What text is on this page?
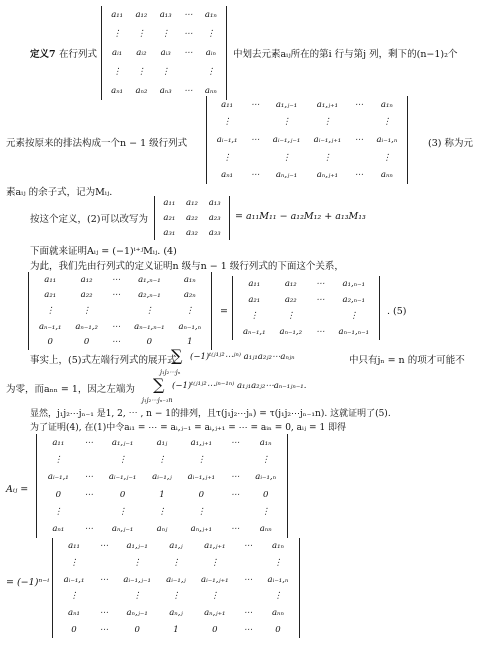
定义7 在行列式
a₁₁ a₁₂ a₁₃ ⋯ a₁ₙ
⋮ ⋮ ⋮ ⋯ ⋮
aᵢ₁ aᵢ₂ aᵢ₃ ⋯ aᵢₙ
⋮ ⋮ ⋮	⋮
aₙ₁ aₙ₂ aₙ₃ ⋯ aₙₙ
中划去元素aᵢⱼ所在的第i 行与第j 列，剩下的(n−1)₂个
元素按原来的排法构成一个n − 1 级行列式
a₁₁ ⋯ a₁,ⱼ₋₁ a₁,ⱼ₊₁ ⋯ a₁ₙ
⋮	⋮	⋮	⋮
aᵢ₋₁,₁ ⋯ aᵢ₋₁,ⱼ₋₁ aᵢ₋₁,ⱼ₊₁ ⋯ aᵢ₋₁,ₙ
⋮	⋮	⋮	⋮
aₙ₁ ⋯ aₙ,ⱼ₋₁ aₙ,ⱼ₊₁ ⋯ aₙₙ
(3) 称为元
素aᵢⱼ 的余子式，记为Mᵢⱼ.
按这个定义，(2)可以改写为
a₁₁ a₁₂ a₁₃
a₂₁ a₂₂ a₂₃
a₃₁ a₃₂ a₃₃
= a₁₁M₁₁ − a₁₂M₁₂ + a₁₃M₁₃
下面就来证明Aᵢⱼ = (−1)ⁱ⁺ʲMᵢⱼ. (4)
为此，我们先由行列式的定义证明n 级与n − 1 级行列式的下面这个关系，
a₁₁	a₁₂ ⋯ a₁,ₙ₋₁	a₁ₙ
a₂₁	a₂₂ ⋯ a₂,ₙ₋₁	a₂ₙ
⋮	⋮	⋮	⋮
aₙ₋₁,₁ aₙ₋₁,₂ ⋯ aₙ₋₁,ₙ₋₁ aₙ₋₁,ₙ
0	0	⋯	0	1
=
a₁₁	a₁₂ ⋯ a₁,ₙ₋₁
a₂₁	a₂₂ ⋯ a₂,ₙ₋₁
⋮	⋮	⋮
aₙ₋₁,₁ aₙ₋₁,₂ ⋯ aₙ₋₁,ₙ₋₁
. (5)
事实上，(5)式左端行列式的展开式
∑
j₁j₂⋯jₙ
(−1)ᵗ⁽ʲ¹ʲ²⋯ʲⁿ⁾ a₁ⱼ₁a₂ⱼ₂⋯aₙⱼₙ	中只有jₙ = n 的项才可能不
为零，而aₙₙ = 1，因之左端为 ∑
j₁j₂⋯jₙ₋₁n
(−1)ᵗ⁽ʲ¹ʲ²⋯ʲⁿ⁻¹ⁿ⁾ a₁ⱼ₁a₂ⱼ₂⋯aₙ₋₁ⱼₙ₋₁.
显然，j₁j₂⋯jₙ₋₁ 是1, 2, ⋯ , n − 1的排列，且τ(j₁j₂⋯jₙ) = τ(j₁j₂⋯jₙ₋₁n). 这就证明了(5).
为了证明(4), 在(1)中令aᵢ₁ = ⋯ = aᵢ,ⱼ₋₁ = aᵢ,ⱼ₊₁ = ⋯ = aᵢₙ = 0, aᵢⱼ = 1 即得
Aᵢⱼ =
a₁₁ ⋯ a₁,ⱼ₋₁	a₁ⱼ	a₁,ⱼ₊₁ ⋯ a₁ₙ
⋮	⋮	⋮	⋮	⋮
aᵢ₋₁,₁ ⋯ aᵢ₋₁,ⱼ₋₁ aᵢ₋₁,ⱼ aᵢ₋₁,ⱼ₊₁ ⋯ aᵢ₋₁,ₙ
0	⋯	0	1	0	⋯	0
⋮	⋮	⋮	⋮	⋮
aₙ₁ ⋯ aₙ,ⱼ₋₁	aₙⱼ	aₙ,ⱼ₊₁ ⋯ aₙₙ
= (−1)ⁿ⁻ⁱ
a₁₁ ⋯ a₁,ⱼ₋₁	a₁,ⱼ	a₁,ⱼ₊₁ ⋯ a₁ₙ
⋮	⋮	⋮	⋮	⋮
aᵢ₋₁,₁ ⋯ aᵢ₋₁,ⱼ₋₁ aᵢ₋₁,ⱼ aᵢ₋₁,ⱼ₊₁ ⋯ aᵢ₋₁,ₙ
⋮	⋮	⋮	⋮	⋮
aₙ₁ ⋯ aₙ,ⱼ₋₁	aₙ,ⱼ	aₙ,ⱼ₊₁ ⋯ aₙₙ
0	⋯	0	1	0	⋯	0
